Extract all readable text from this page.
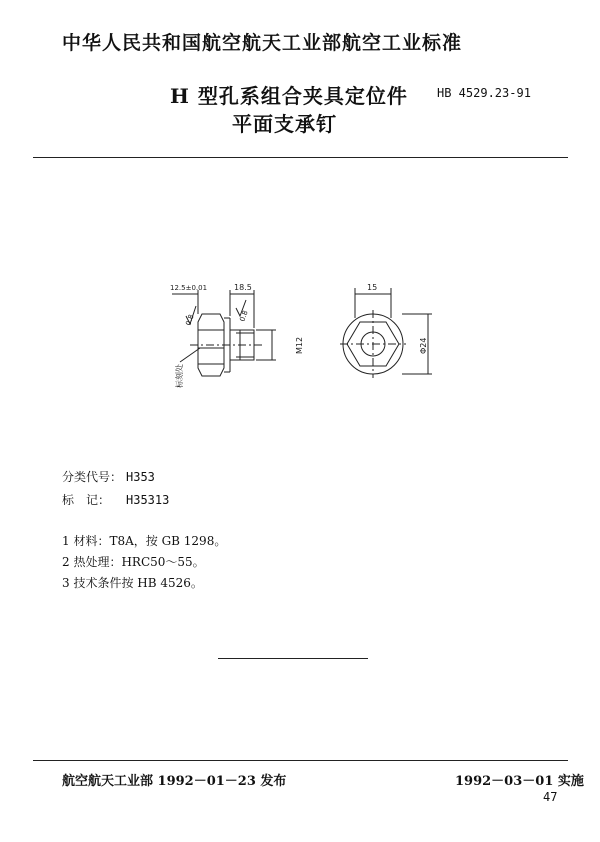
中华人民共和国航空航天工业部航空工业标准
H 型孔系组合夹具定位件
平面支承钉
HB 4529.23-91
12.5±0.01	18.5	15
M12	Φ24
0.8	0.8
标刻处
分类代号： H353
标　记： H35313
1 材料：T8A，按 GB 1298。
2 热处理：HRC50～55。
3 技术条件按 HB 4526。
航空航天工业部 1992－01－23 发布	1992－03－01 实施
47
